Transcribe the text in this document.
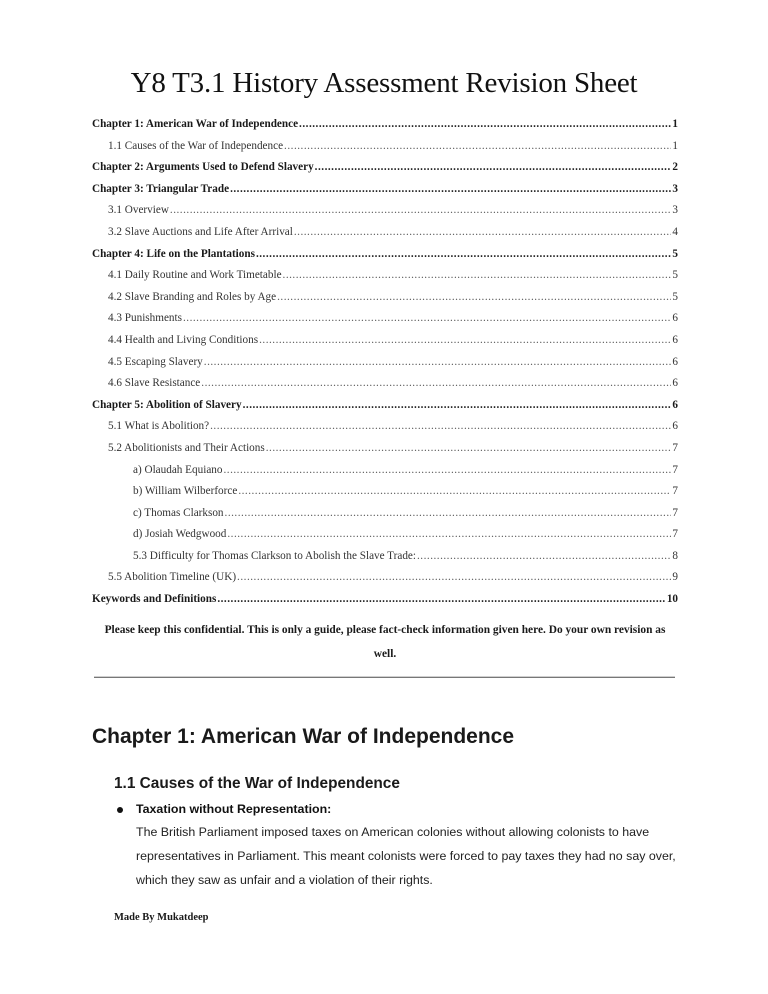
Y8 T3.1 History Assessment Revision Sheet
Chapter 1: American War of Independence .....	1
1.1 Causes of the War of Independence .....	1
Chapter 2: Arguments Used to Defend Slavery .....	2
Chapter 3: Triangular Trade .....	3
3.1 Overview .....	3
3.2 Slave Auctions and Life After Arrival .....	4
Chapter 4: Life on the Plantations .....	5
4.1 Daily Routine and Work Timetable .....	5
4.2 Slave Branding and Roles by Age .....	5
4.3 Punishments .....	6
4.4 Health and Living Conditions .....	6
4.5 Escaping Slavery .....	6
4.6 Slave Resistance .....	6
Chapter 5: Abolition of Slavery .....	6
5.1 What is Abolition? .....	6
5.2 Abolitionists and Their Actions .....	7
a) Olaudah Equiano .....	7
b) William Wilberforce .....	7
c) Thomas Clarkson .....	7
d) Josiah Wedgwood .....	7
5.3 Difficulty for Thomas Clarkson to Abolish the Slave Trade: .....	8
5.5 Abolition Timeline (UK) .....	9
Keywords and Definitions .....	10

Please keep this confidential. This is only a guide, please fact-check information given here. Do your own revision as well.

Chapter 1: American War of Independence
1.1 Causes of the War of Independence
Taxation without Representation:
The British Parliament imposed taxes on American colonies without allowing colonists to have representatives in Parliament. This meant colonists were forced to pay taxes they had no say over, which they saw as unfair and a violation of their rights.
Made By Mukatdeep
